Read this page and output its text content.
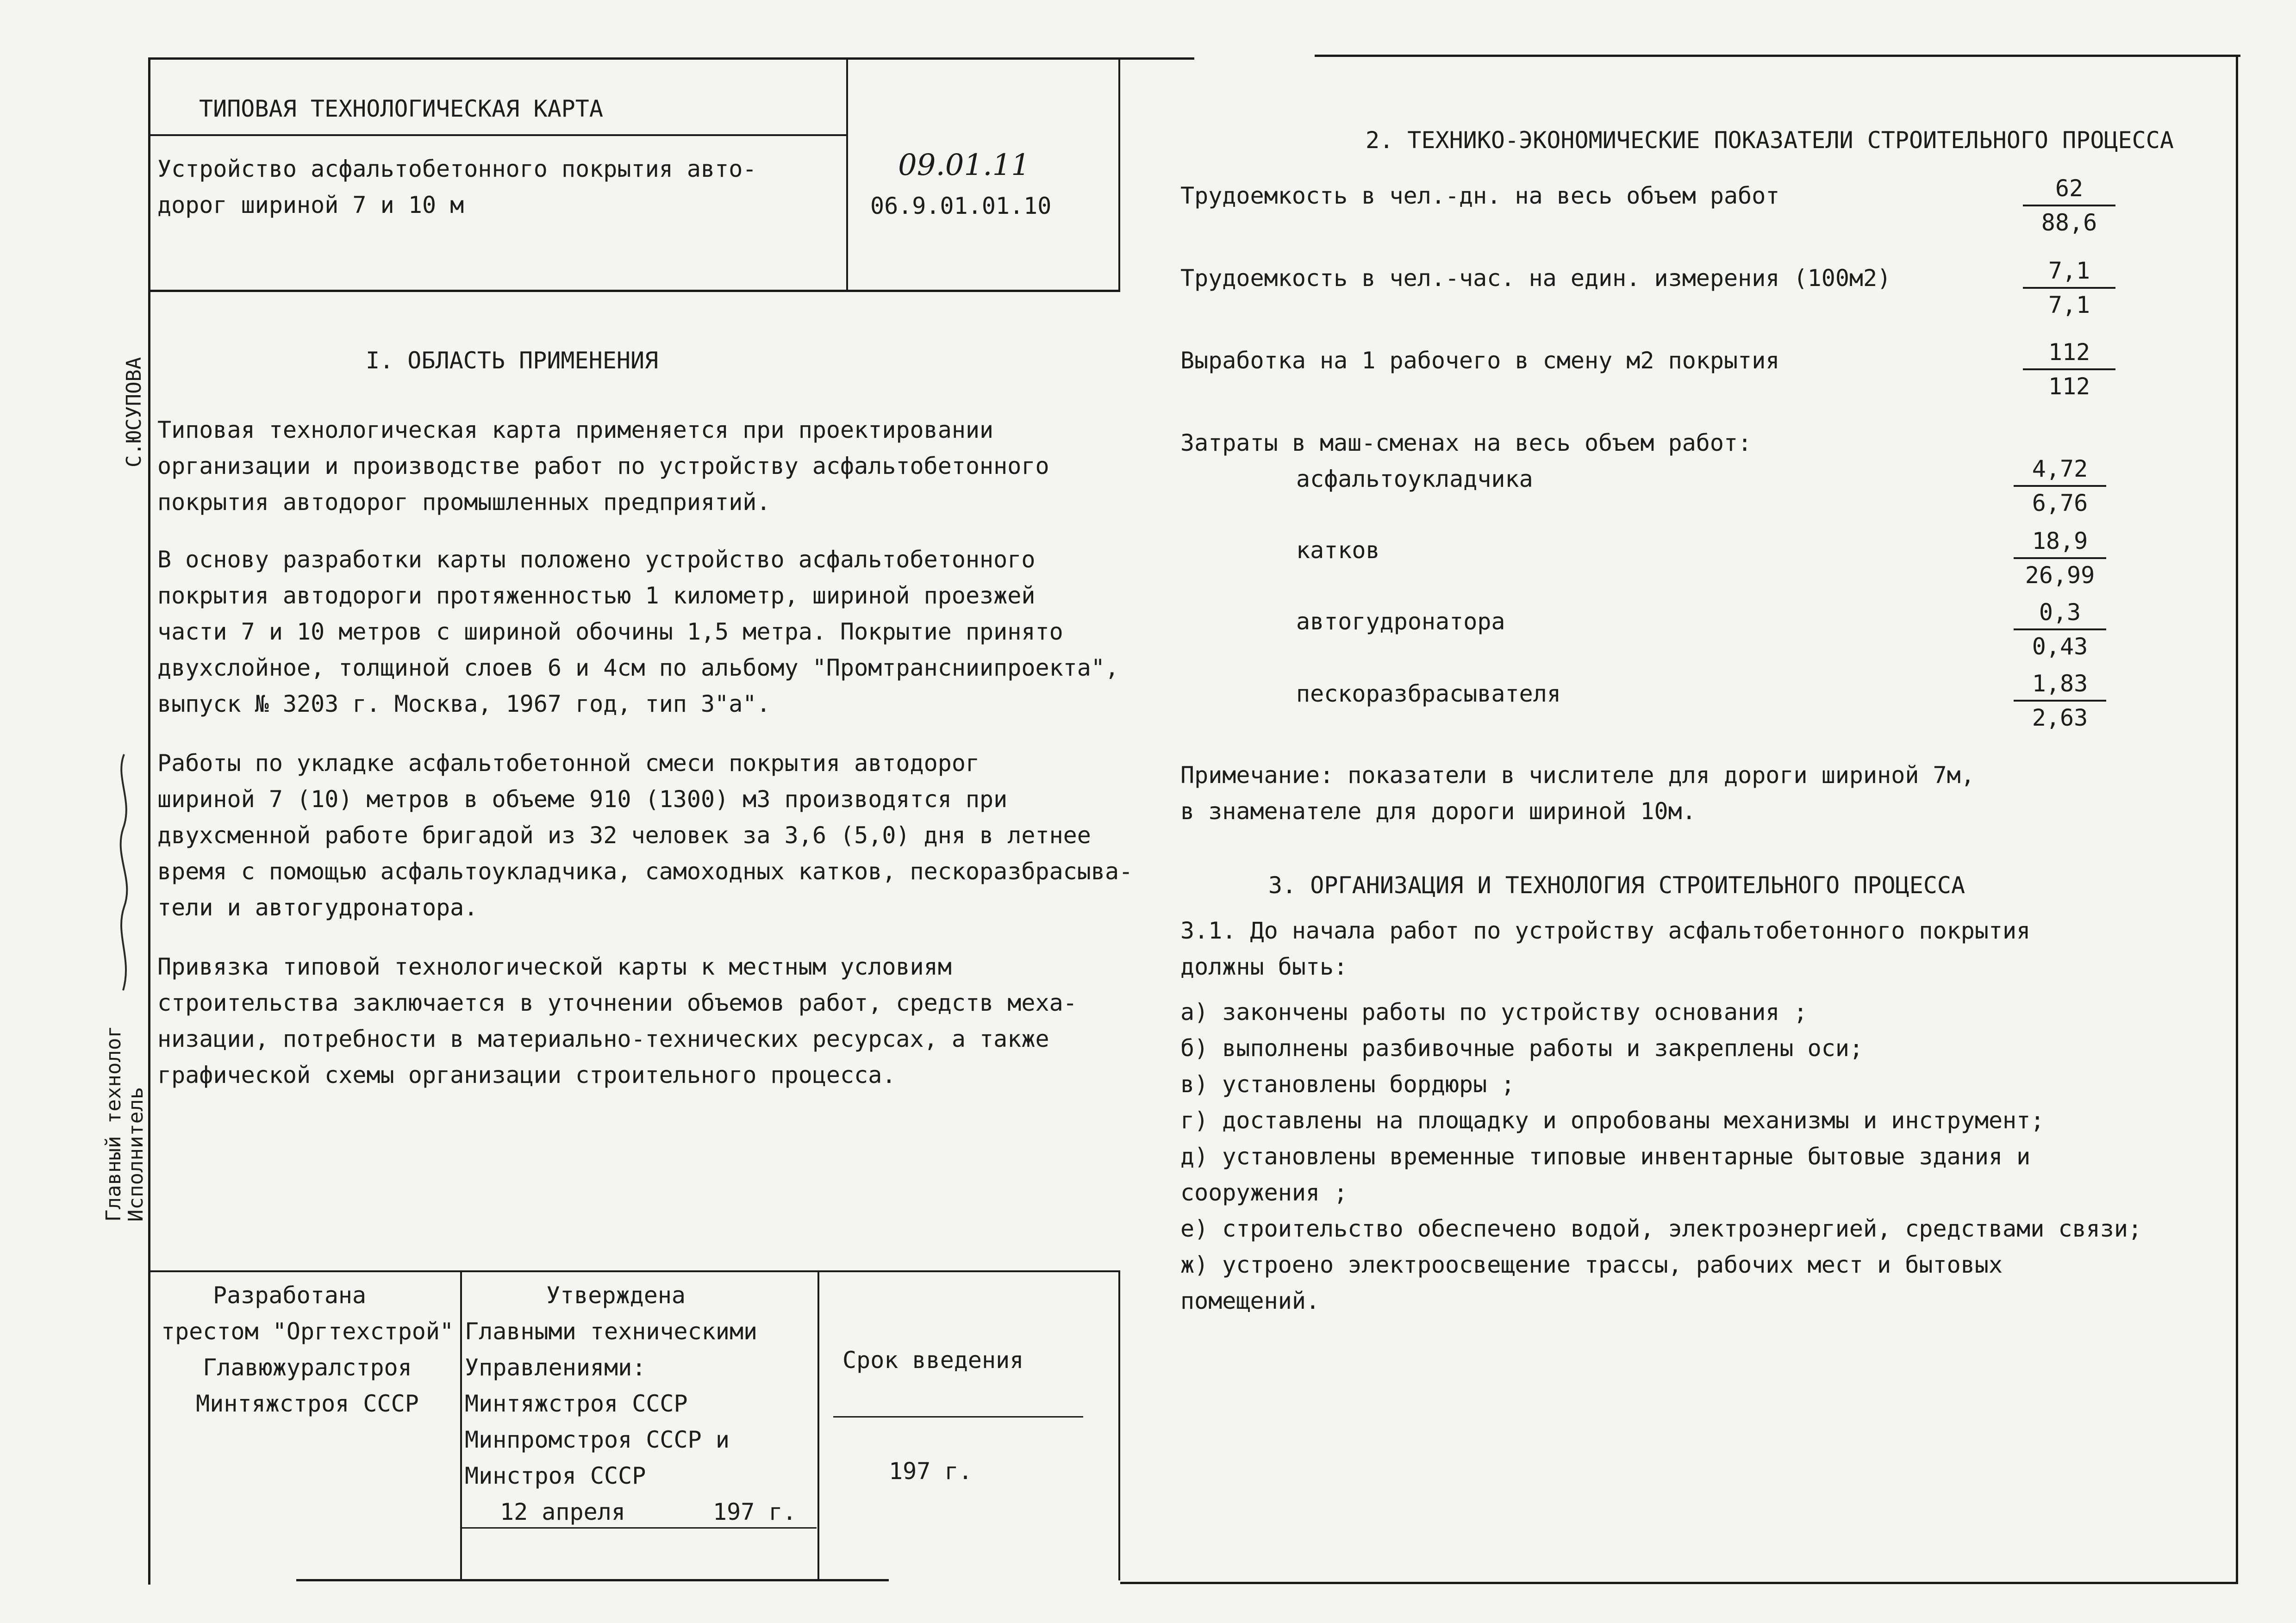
ТИПОВАЯ ТЕХНОЛОГИЧЕСКАЯ КАРТА
Устройство асфальтобетонного покрытия авто-
дорог шириной 7 и 10 м
09.01.11
06.9.01.01.10
С.ЮСУПОВА
Главный технолог
Исполнитель
I. ОБЛАСТЬ ПРИМЕНЕНИЯ
Типовая технологическая карта применяется при проектировании
организации и производстве работ по устройству асфальтобетонного
покрытия автодорог промышленных предприятий.
В основу разработки карты положено устройство асфальтобетонного
покрытия автодороги протяженностью 1 километр, шириной проезжей
части 7 и 10 метров с шириной обочины 1,5 метра. Покрытие принято
двухслойное, толщиной слоев 6 и 4см по альбому "Промтрансниипроекта",
выпуск № 3203 г. Москва, 1967 год, тип 3"а".
Работы по укладке асфальтобетонной смеси покрытия автодорог
шириной 7 (10) метров в объеме 910 (1300) м3 производятся при
двухсменной работе бригадой из 32 человек за 3,6 (5,0) дня в летнее
время с помощью асфальтоукладчика, самоходных катков, пескоразбрасыва-
тели и автогудронатора.
Привязка типовой технологической карты к местным условиям
строительства заключается в уточнении объемов работ, средств меха-
низации, потребности в материально-технических ресурсах, а также
графической схемы организации строительного процесса.
Разработана
трестом "Оргтехстрой"
Главюжуралстроя
Минтяжстроя СССР
Утверждена
Главными техническими
Управлениями:
Минтяжстроя СССР
Минпромстроя СССР и
Минстроя СССР
12 апреля	197 г.
Срок введения
197 г.
2. ТЕХНИКО-ЭКОНОМИЧЕСКИЕ ПОКАЗАТЕЛИ СТРОИТЕЛЬНОГО ПРОЦЕССА
Трудоемкость в чел.-дн. на весь объем работ	62
88,6
Трудоемкость в чел.-час. на един. измерения (100м2)	7,1
7,1
Выработка на 1 рабочего в смену м2 покрытия	112
112
Затраты в маш-сменах на весь объем работ:
асфальтоукладчика	4,72
6,76
катков	18,9
26,99
автогудронатора	0,3
0,43
пескоразбрасывателя	1,83
2,63
Примечание: показатели в числителе для дороги шириной 7м,
в знаменателе для дороги шириной 10м.
3. ОРГАНИЗАЦИЯ И ТЕХНОЛОГИЯ СТРОИТЕЛЬНОГО ПРОЦЕССА
3.1. До начала работ по устройству асфальтобетонного покрытия
должны быть:
а) закончены работы по устройству основания ;
б) выполнены разбивочные работы и закреплены оси;
в) установлены бордюры ;
г) доставлены на площадку и опробованы механизмы и инструмент;
д) установлены временные типовые инвентарные бытовые здания и
сооружения ;
е) строительство обеспечено водой, электроэнергией, средствами связи;
ж) устроено электроосвещение трассы, рабочих мест и бытовых
помещений.
